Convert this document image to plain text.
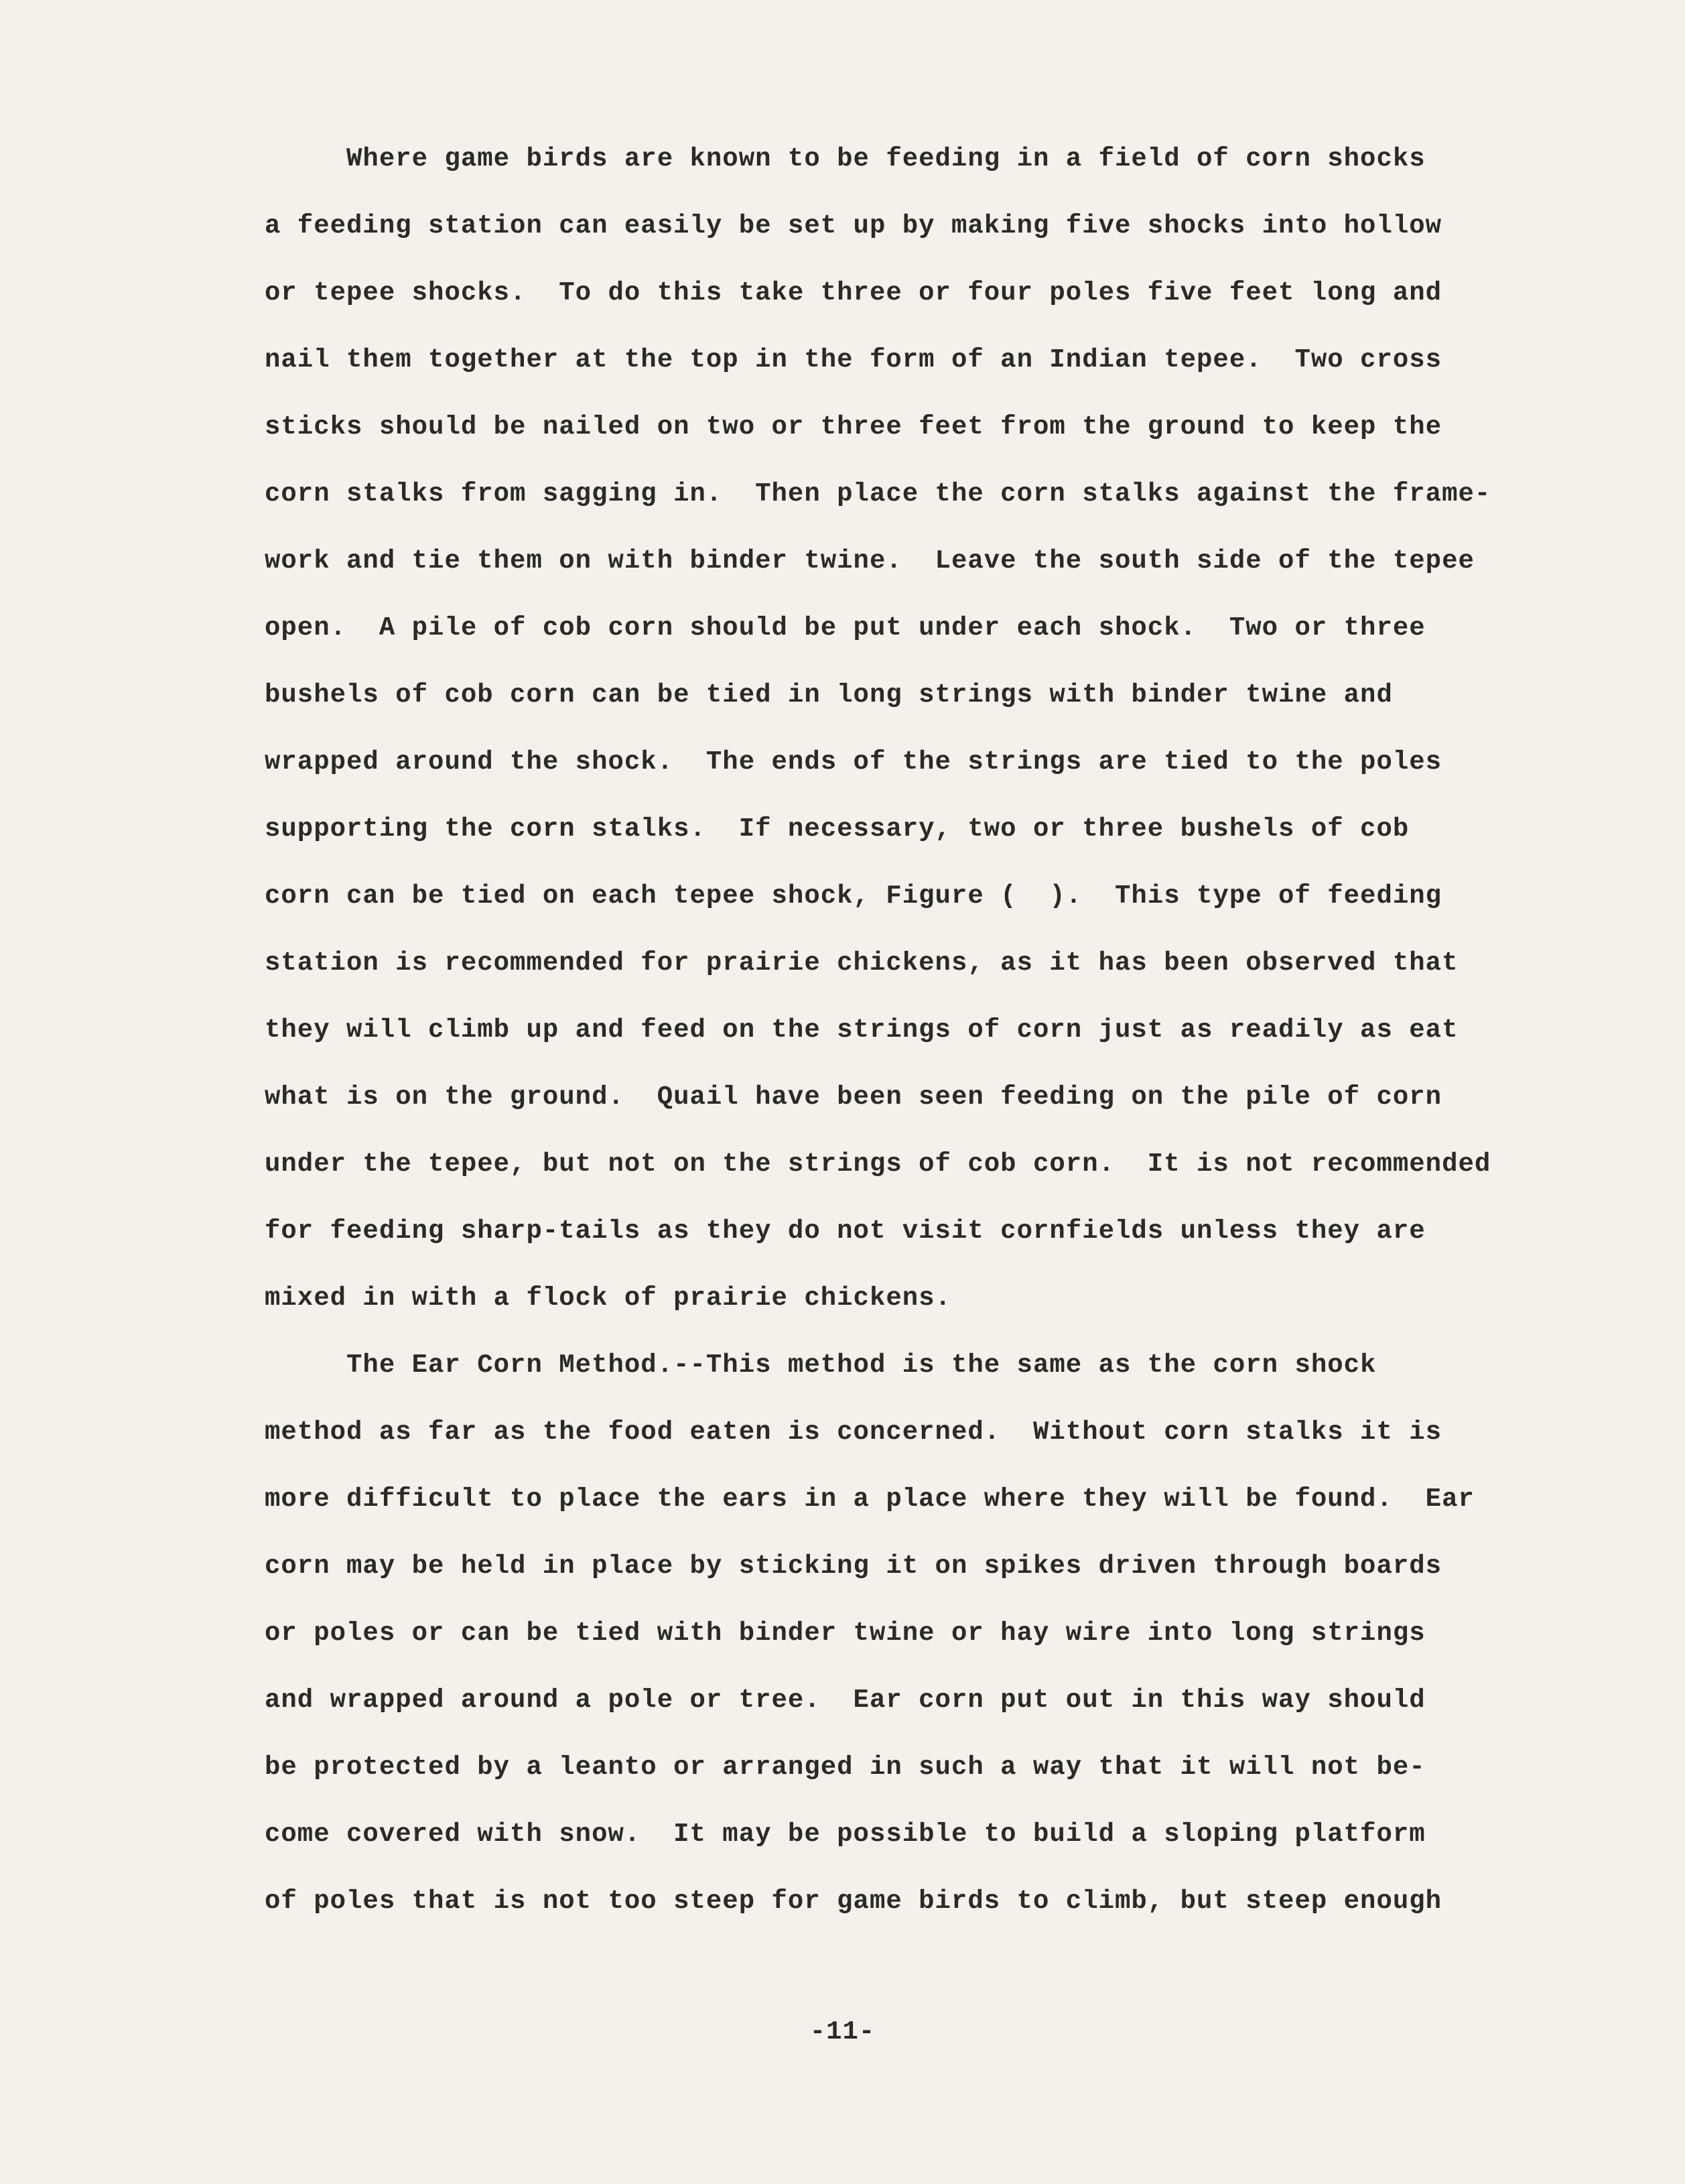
Where game birds are known to be feeding in a field of corn shocks
a feeding station can easily be set up by making five shocks into hollow
or tepee shocks.  To do this take three or four poles five feet long and
nail them together at the top in the form of an Indian tepee.  Two cross
sticks should be nailed on two or three feet from the ground to keep the
corn stalks from sagging in.  Then place the corn stalks against the frame-
work and tie them on with binder twine.  Leave the south side of the tepee
open.  A pile of cob corn should be put under each shock.  Two or three
bushels of cob corn can be tied in long strings with binder twine and
wrapped around the shock.  The ends of the strings are tied to the poles
supporting the corn stalks.  If necessary, two or three bushels of cob
corn can be tied on each tepee shock, Figure (  ).  This type of feeding
station is recommended for prairie chickens, as it has been observed that
they will climb up and feed on the strings of corn just as readily as eat
what is on the ground.  Quail have been seen feeding on the pile of corn
under the tepee, but not on the strings of cob corn.  It is not recommended
for feeding sharp-tails as they do not visit cornfields unless they are
mixed in with a flock of prairie chickens.
The Ear Corn Method.--This method is the same as the corn shock
method as far as the food eaten is concerned.  Without corn stalks it is
more difficult to place the ears in a place where they will be found.  Ear
corn may be held in place by sticking it on spikes driven through boards
or poles or can be tied with binder twine or hay wire into long strings
and wrapped around a pole or tree.  Ear corn put out in this way should
be protected by a leanto or arranged in such a way that it will not be-
come covered with snow.  It may be possible to build a sloping platform
of poles that is not too steep for game birds to climb, but steep enough
-11-
